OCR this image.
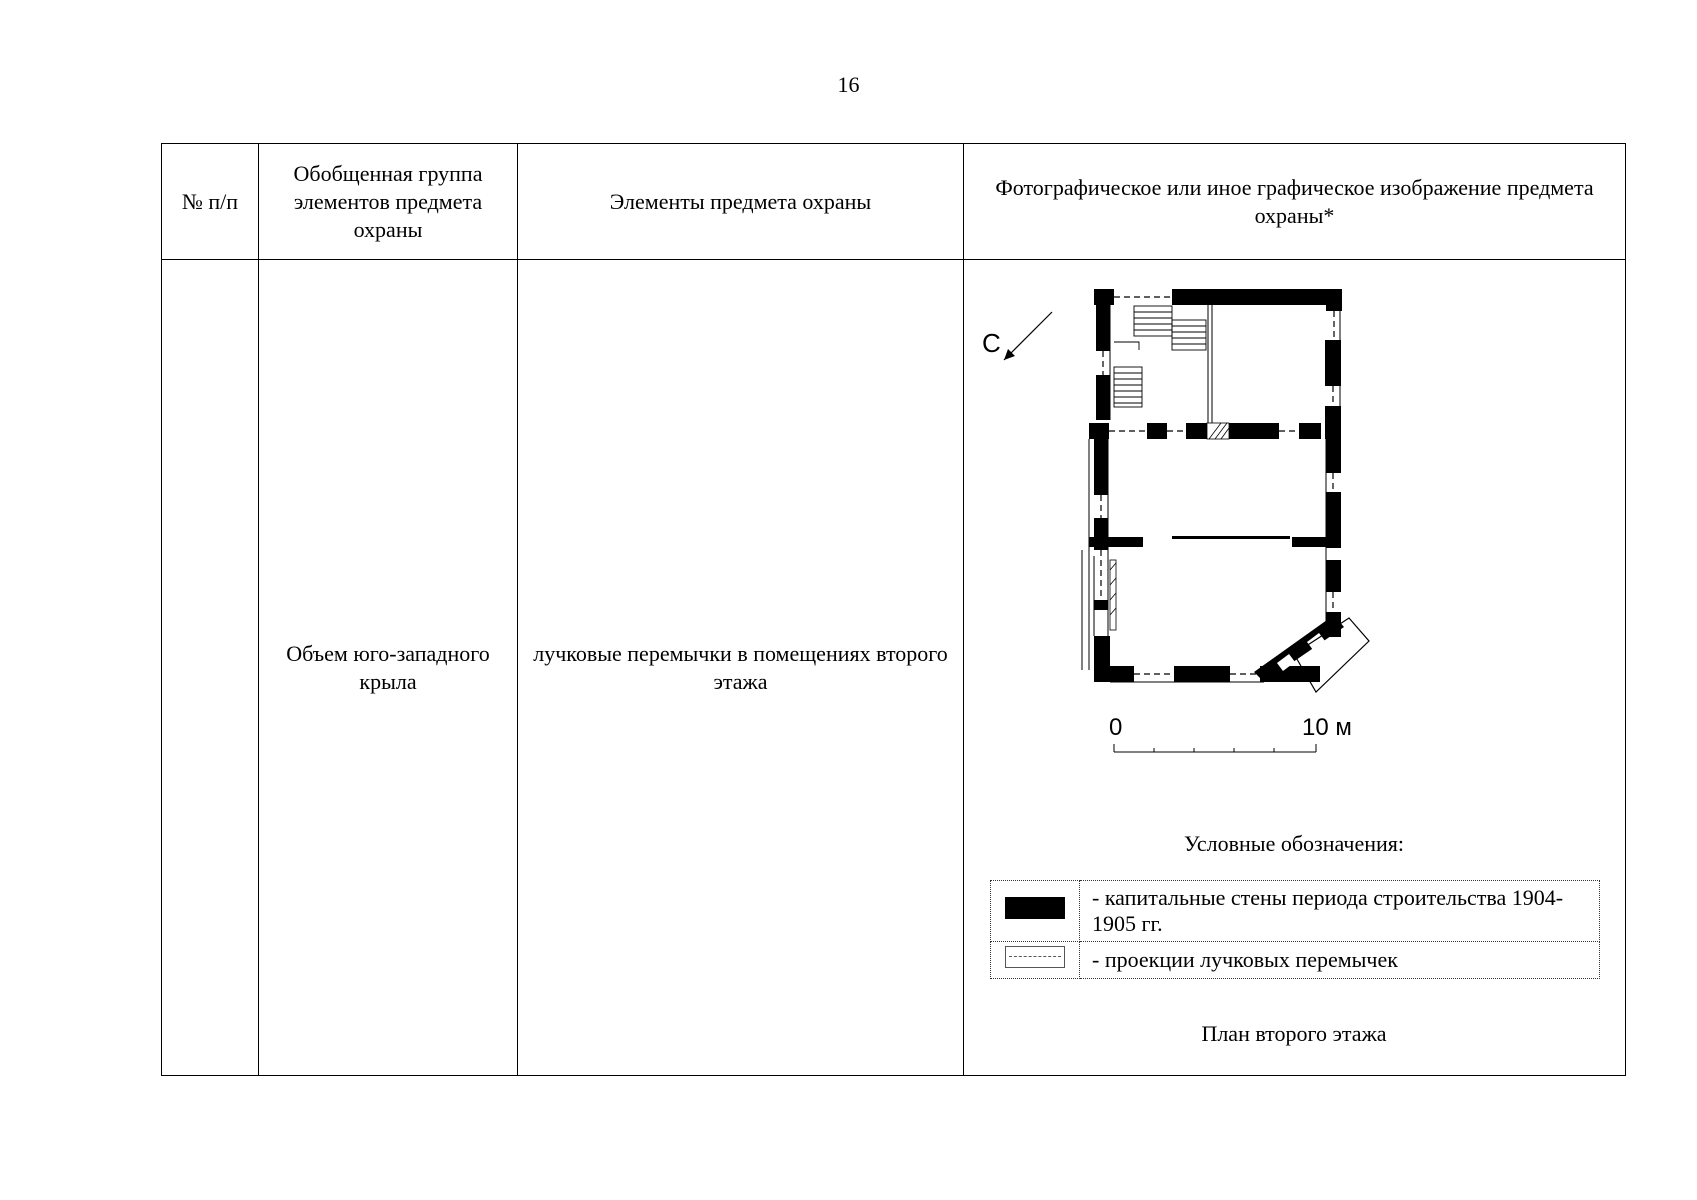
16
№ п/п	Обобщенная группа элементов предмета охраны	Элементы предмета охраны	Фотографическое или иное графическое изображение предмета охраны*
	Объем юго-западного крыла	лучковые перемычки в помещениях второго этажа	
С
0	10 м
Условные обозначения:
	- капитальные стены периода строительства 1904-1905 гг.
	- проекции лучковых перемычек
План второго этажа
